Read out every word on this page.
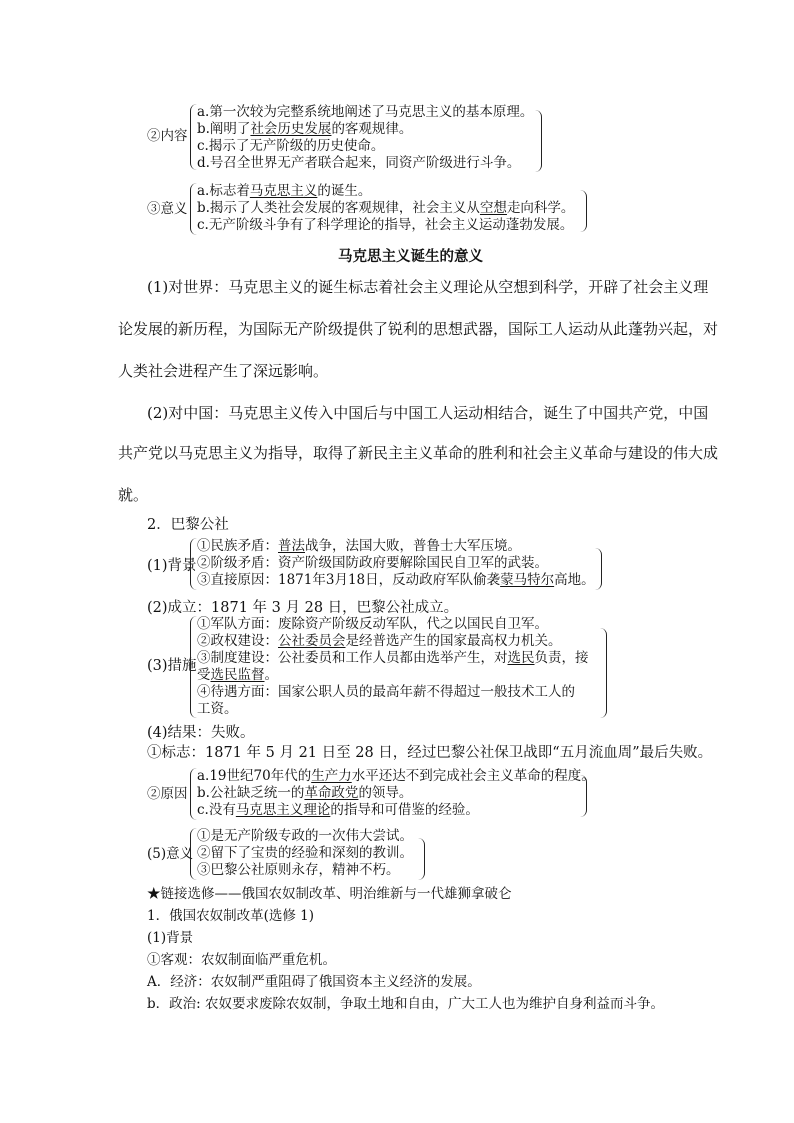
②内容
a.第一次较为完整系统地阐述了马克思主义的基本原理。
b.阐明了社会历史发展的客观规律。
c.揭示了无产阶级的历史使命。
d.号召全世界无产者联合起来，同资产阶级进行斗争。
③意义
a.标志着马克思主义的诞生。
b.揭示了人类社会发展的客观规律，社会主义从空想走向科学。
c.无产阶级斗争有了科学理论的指导，社会主义运动蓬勃发展。
马克思主义诞生的意义
(1)对世界：马克思主义的诞生标志着社会主义理论从空想到科学，开辟了社会主义理
论发展的新历程，为国际无产阶级提供了锐利的思想武器，国际工人运动从此蓬勃兴起，对
人类社会进程产生了深远影响。
(2)对中国：马克思主义传入中国后与中国工人运动相结合，诞生了中国共产党，中国
共产党以马克思主义为指导，取得了新民主主义革命的胜利和社会主义革命与建设的伟大成
就。
2．巴黎公社
(1)背景
①民族矛盾：普法战争，法国大败，普鲁士大军压境。
②阶级矛盾：资产阶级国防政府要解除国民自卫军的武装。
③直接原因：1871年3月18日，反动政府军队偷袭蒙马特尔高地。
(2)成立：1871 年 3 月 28 日，巴黎公社成立。
(3)措施
①军队方面：废除资产阶级反动军队，代之以国民自卫军。
②政权建设：公社委员会是经普选产生的国家最高权力机关。
③制度建设：公社委员和工作人员都由选举产生，对选民负责，接
受选民监督。
④待遇方面：国家公职人员的最高年薪不得超过一般技术工人的
工资。
(4)结果：失败。
①标志：1871 年 5 月 21 日至 28 日，经过巴黎公社保卫战即“五月流血周”最后失败。
②原因
a.19世纪70年代的生产力水平还达不到完成社会主义革命的程度。
b.公社缺乏统一的革命政党的领导。
c.没有马克思主义理论的指导和可借鉴的经验。
(5)意义
①是无产阶级专政的一次伟大尝试。
②留下了宝贵的经验和深刻的教训。
③巴黎公社原则永存，精神不朽。
★链接选修——俄国农奴制改革、明治维新与一代雄狮拿破仑
1．俄国农奴制改革(选修 1)
(1)背景
①客观：农奴制面临严重危机。
A．经济：农奴制严重阻碍了俄国资本主义经济的发展。
b．政治: 农奴要求废除农奴制，争取土地和自由，广大工人也为维护自身利益而斗争。
